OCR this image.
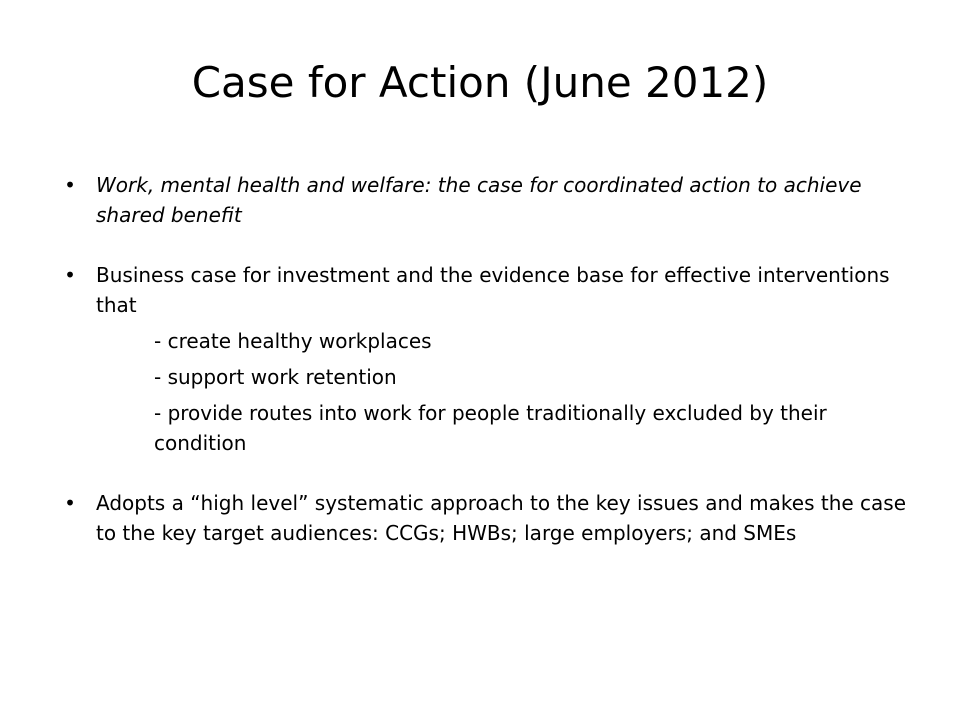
Case for Action (June 2012)
• Work, mental health and welfare: the case for coordinated action to achieve shared benefit
• Business case for investment and the evidence base for effective interventions that
- create healthy workplaces
- support work retention
- provide routes into work for people traditionally excluded by their condition
• Adopts a “high level” systematic approach to the key issues and makes the case to the key target audiences: CCGs; HWBs; large employers; and SMEs
